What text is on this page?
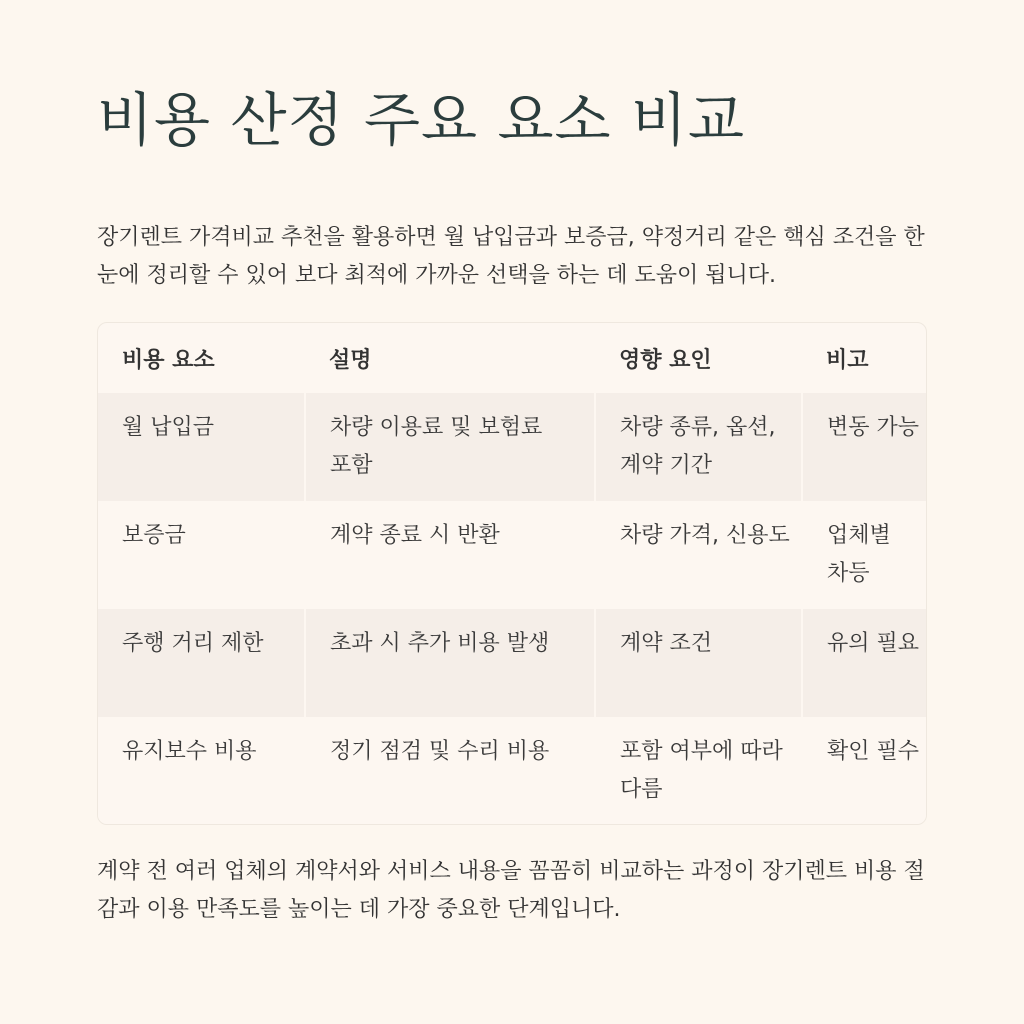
비용 산정 주요 요소 비교

장기렌트 가격비교 추천을 활용하면 월 납입금과 보증금, 약정거리 같은 핵심 조건을 한눈에 정리할 수 있어 보다 최적에 가까운 선택을 하는 데 도움이 됩니다.

비용 요소	설명	영향 요인	비고
월 납입금	차량 이용료 및 보험료 포함	차량 종류, 옵션, 계약 기간	변동 가능
보증금	계약 종료 시 반환	차량 가격, 신용도	업체별 차등
주행 거리 제한	초과 시 추가 비용 발생	계약 조건	유의 필요
유지보수 비용	정기 점검 및 수리 비용	포함 여부에 따라 다름	확인 필수

계약 전 여러 업체의 계약서와 서비스 내용을 꼼꼼히 비교하는 과정이 장기렌트 비용 절감과 이용 만족도를 높이는 데 가장 중요한 단계입니다.
